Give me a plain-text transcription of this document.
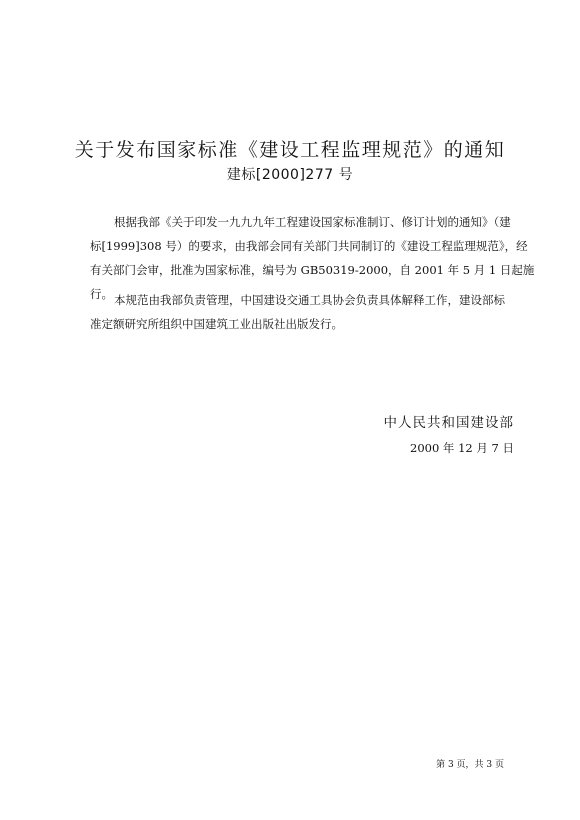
关于发布国家标准《建设工程监理规范》的通知
建标[2000]277 号
根据我部《关于印发一九九九年工程建设国家标准制订、修订计划的通知》（建
标[1999]308 号）的要求，由我部会同有关部门共同制订的《建设工程监理规范》，经
有关部门会审，批准为国家标准，编号为 GB50319-2000，自 2001 年 5 月 1 日起施
行。 本规范由我部负责管理，中国建设交通工具协会负责具体解释工作，建设部标
准定额研究所组织中国建筑工业出版社出版发行。
中人民共和国建设部
2000 年 12 月 7 日
第 3 页，共 3 页
